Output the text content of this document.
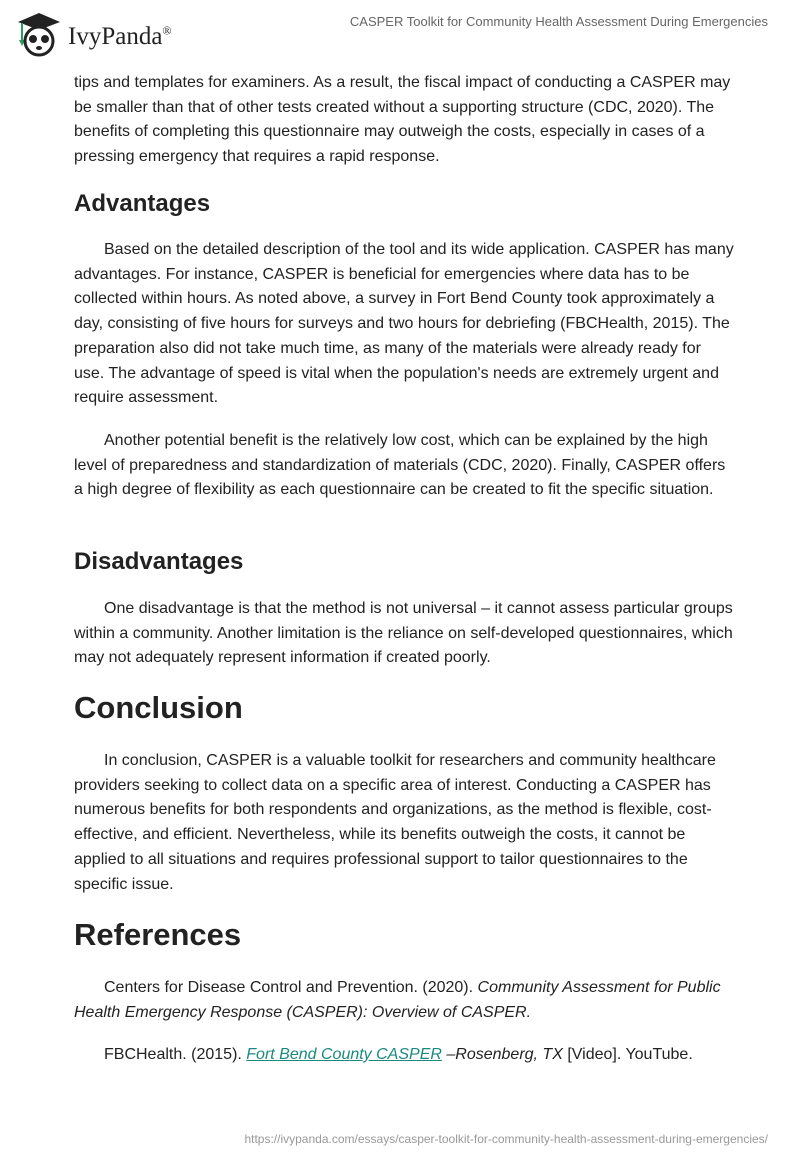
IvyPanda®
CASPER Toolkit for Community Health Assessment During Emergencies

tips and templates for examiners. As a result, the fiscal impact of conducting a CASPER may be smaller than that of other tests created without a supporting structure (CDC, 2020). The benefits of completing this questionnaire may outweigh the costs, especially in cases of a pressing emergency that requires a rapid response.

Advantages

Based on the detailed description of the tool and its wide application. CASPER has many advantages. For instance, CASPER is beneficial for emergencies where data has to be collected within hours. As noted above, a survey in Fort Bend County took approximately a day, consisting of five hours for surveys and two hours for debriefing (FBCHealth, 2015). The preparation also did not take much time, as many of the materials were already ready for use. The advantage of speed is vital when the population's needs are extremely urgent and require assessment.

Another potential benefit is the relatively low cost, which can be explained by the high level of preparedness and standardization of materials (CDC, 2020). Finally, CASPER offers a high degree of flexibility as each questionnaire can be created to fit the specific situation.

Disadvantages

One disadvantage is that the method is not universal – it cannot assess particular groups within a community. Another limitation is the reliance on self-developed questionnaires, which may not adequately represent information if created poorly.

Conclusion

In conclusion, CASPER is a valuable toolkit for researchers and community healthcare providers seeking to collect data on a specific area of interest. Conducting a CASPER has numerous benefits for both respondents and organizations, as the method is flexible, cost-effective, and efficient. Nevertheless, while its benefits outweigh the costs, it cannot be applied to all situations and requires professional support to tailor questionnaires to the specific issue.

References

Centers for Disease Control and Prevention. (2020). Community Assessment for Public Health Emergency Response (CASPER): Overview of CASPER.

FBCHealth. (2015). Fort Bend County CASPER –Rosenberg, TX [Video]. YouTube.

https://ivypanda.com/essays/casper-toolkit-for-community-health-assessment-during-emergencies/
